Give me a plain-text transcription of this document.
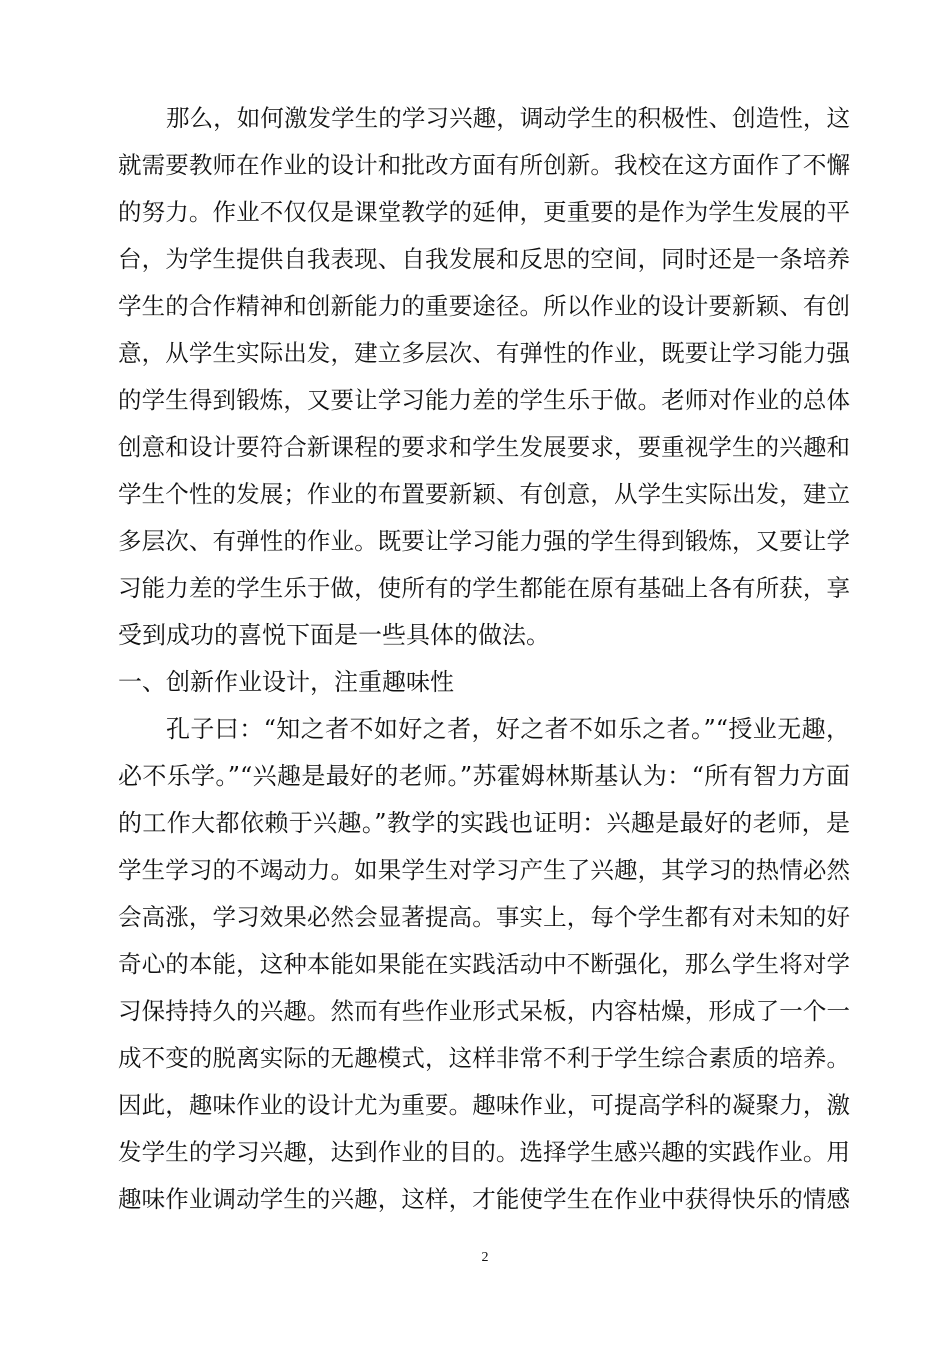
那么，如何激发学生的学习兴趣，调动学生的积极性、创造性，这
就需要教师在作业的设计和批改方面有所创新。我校在这方面作了不懈
的努力。作业不仅仅是课堂教学的延伸，更重要的是作为学生发展的平
台，为学生提供自我表现、自我发展和反思的空间，同时还是一条培养
学生的合作精神和创新能力的重要途径。所以作业的设计要新颖、有创
意，从学生实际出发，建立多层次、有弹性的作业，既要让学习能力强
的学生得到锻炼，又要让学习能力差的学生乐于做。老师对作业的总体
创意和设计要符合新课程的要求和学生发展要求，要重视学生的兴趣和
学生个性的发展；作业的布置要新颖、有创意，从学生实际出发，建立
多层次、有弹性的作业。既要让学习能力强的学生得到锻炼，又要让学
习能力差的学生乐于做，使所有的学生都能在原有基础上各有所获，享
受到成功的喜悦下面是一些具体的做法。
一、创新作业设计，注重趣味性
孔子曰：“知之者不如好之者，好之者不如乐之者。”“授业无趣，
必不乐学。”“兴趣是最好的老师。”苏霍姆林斯基认为：“所有智力方面
的工作大都依赖于兴趣。”教学的实践也证明：兴趣是最好的老师，是
学生学习的不竭动力。如果学生对学习产生了兴趣，其学习的热情必然
会高涨，学习效果必然会显著提高。事实上，每个学生都有对未知的好
奇心的本能，这种本能如果能在实践活动中不断强化，那么学生将对学
习保持持久的兴趣。然而有些作业形式呆板，内容枯燥，形成了一个一
成不变的脱离实际的无趣模式，这样非常不利于学生综合素质的培养。
因此，趣味作业的设计尤为重要。趣味作业，可提高学科的凝聚力，激
发学生的学习兴趣，达到作业的目的。选择学生感兴趣的实践作业。用
趣味作业调动学生的兴趣，这样，才能使学生在作业中获得快乐的情感
2
